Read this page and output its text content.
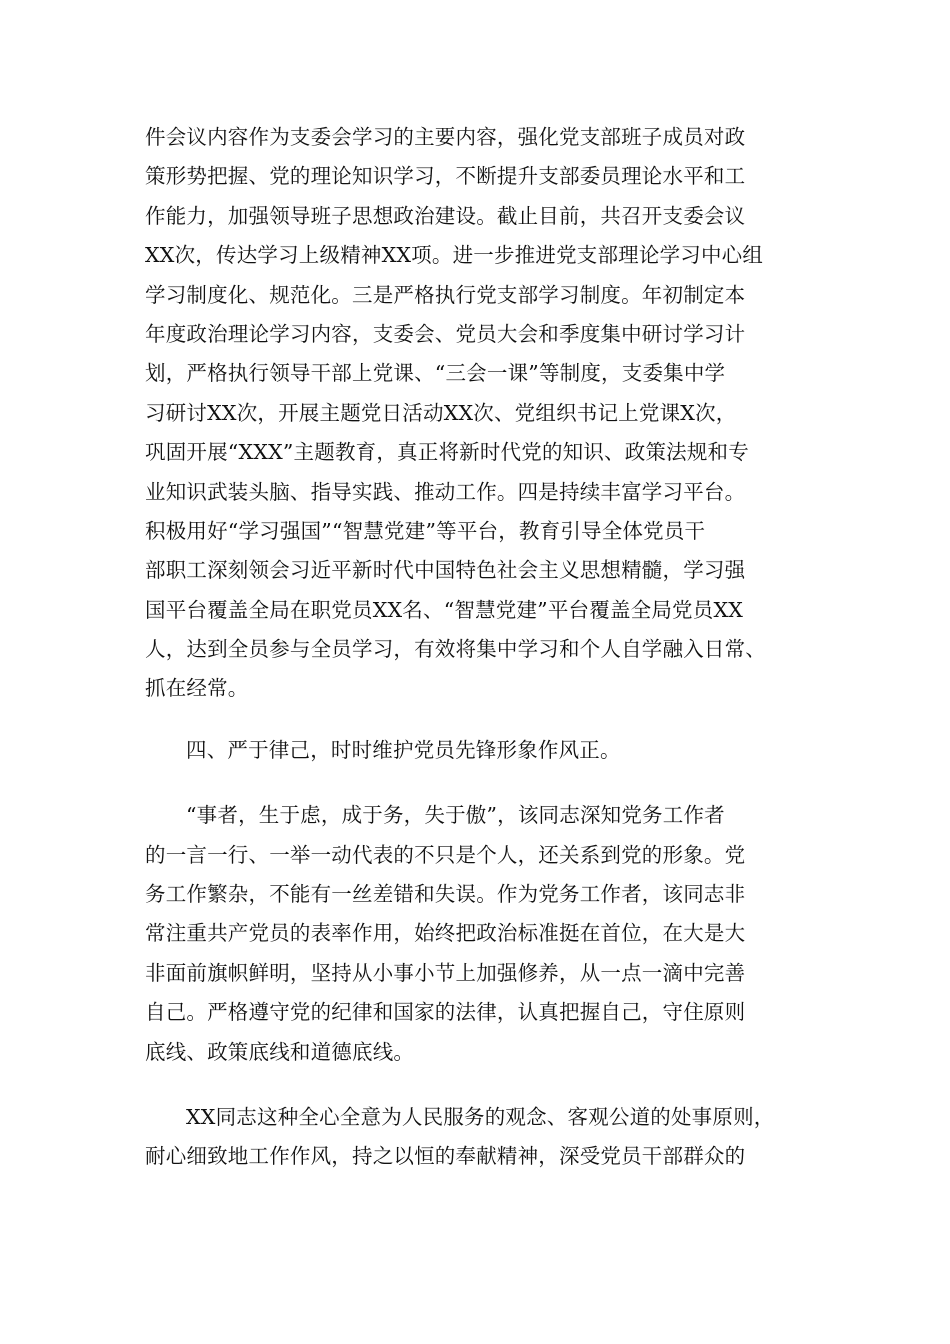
件会议内容作为支委会学习的主要内容，强化党支部班子成员对政
策形势把握、党的理论知识学习，不断提升支部委员理论水平和工
作能力，加强领导班子思想政治建设。截止目前，共召开支委会议
XX次，传达学习上级精神XX项。进一步推进党支部理论学习中心组
学习制度化、规范化。三是严格执行党支部学习制度。年初制定本
年度政治理论学习内容，支委会、党员大会和季度集中研讨学习计
划，严格执行领导干部上党课、“三会一课”等制度，支委集中学
习研讨XX次，开展主题党日活动XX次、党组织书记上党课X次，
巩固开展“XXX”主题教育，真正将新时代党的知识、政策法规和专
业知识武装头脑、指导实践、推动工作。四是持续丰富学习平台。
积极用好“学习强国”“智慧党建”等平台，教育引导全体党员干
部职工深刻领会习近平新时代中国特色社会主义思想精髓，学习强
国平台覆盖全局在职党员XX名、“智慧党建”平台覆盖全局党员XX
人，达到全员参与全员学习，有效将集中学习和个人自学融入日常、
抓在经常。
四、严于律己，时时维护党员先锋形象作风正。
“事者，生于虑，成于务，失于傲”，该同志深知党务工作者
的一言一行、一举一动代表的不只是个人，还关系到党的形象。党
务工作繁杂，不能有一丝差错和失误。作为党务工作者，该同志非
常注重共产党员的表率作用，始终把政治标准挺在首位，在大是大
非面前旗帜鲜明，坚持从小事小节上加强修养，从一点一滴中完善
自己。严格遵守党的纪律和国家的法律，认真把握自己，守住原则
底线、政策底线和道德底线。
XX同志这种全心全意为人民服务的观念、客观公道的处事原则，
耐心细致地工作作风，持之以恒的奉献精神，深受党员干部群众的
